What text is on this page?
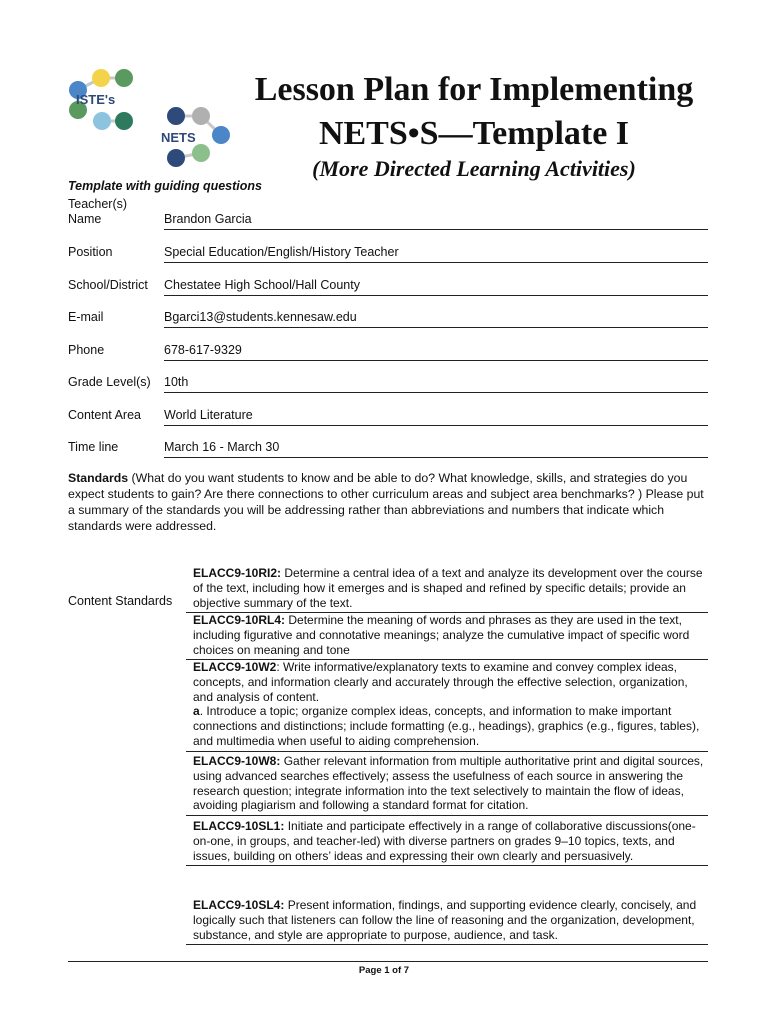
ISTE's
NETS
Lesson Plan for Implementing
NETS•S—Template I
(More Directed Learning Activities)
Template with guiding questions
Teacher(s)
Name	Brandon Garcia
Position	Special Education/English/History Teacher
School/District Chestatee High School/Hall County
E-mail	Bgarci13@students.kennesaw.edu
Phone	678-617-9329
Grade Level(s) 10th
Content Area World Literature
Time line	March 16 - March 30
Standards (What do you want students to know and be able to do? What knowledge, skills, and strategies do you expect students to gain? Are there connections to other curriculum areas and subject area benchmarks? ) Please put a summary of the standards you will be addressing rather than abbreviations and numbers that indicate which standards were addressed.
Content Standards
ELACC9-10RI2: Determine a central idea of a text and analyze its development over the course of the text, including how it emerges and is shaped and refined by specific details; provide an objective summary of the text.
ELACC9-10RL4: Determine the meaning of words and phrases as they are used in the text, including figurative and connotative meanings; analyze the cumulative impact of specific word choices on meaning and tone
ELACC9-10W2: Write informative/explanatory texts to examine and convey complex ideas, concepts, and information clearly and accurately through the effective selection, organization, and analysis of content.
a. Introduce a topic; organize complex ideas, concepts, and information to make important connections and distinctions; include formatting (e.g., headings), graphics (e.g., figures, tables), and multimedia when useful to aiding comprehension.
ELACC9-10W8: Gather relevant information from multiple authoritative print and digital sources, using advanced searches effectively; assess the usefulness of each source in answering the research question; integrate information into the text selectively to maintain the flow of ideas, avoiding plagiarism and following a standard format for citation.
ELACC9-10SL1: Initiate and participate effectively in a range of collaborative discussions(one-on-one, in groups, and teacher-led) with diverse partners on grades 9–10 topics, texts, and issues, building on others’ ideas and expressing their own clearly and persuasively.
ELACC9-10SL4: Present information, findings, and supporting evidence clearly, concisely, and logically such that listeners can follow the line of reasoning and the organization, development, substance, and style are appropriate to purpose, audience, and task.
Page 1 of 7
